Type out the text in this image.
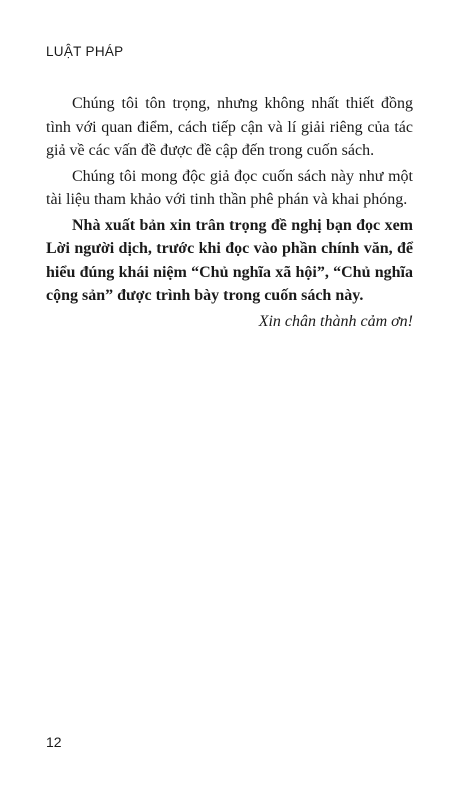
LUẬT PHÁP

Chúng tôi tôn trọng, nhưng không nhất thiết đồng tình với quan điểm, cách tiếp cận và lí giải riêng của tác giả về các vấn đề được đề cập đến trong cuốn sách.

Chúng tôi mong độc giả đọc cuốn sách này như một tài liệu tham khảo với tinh thần phê phán và khai phóng.

Nhà xuất bản xin trân trọng đề nghị bạn đọc xem Lời người dịch, trước khi đọc vào phần chính văn, để hiểu đúng khái niệm “Chủ nghĩa xã hội”, “Chủ nghĩa cộng sản” được trình bày trong cuốn sách này.

Xin chân thành cảm ơn!

12
